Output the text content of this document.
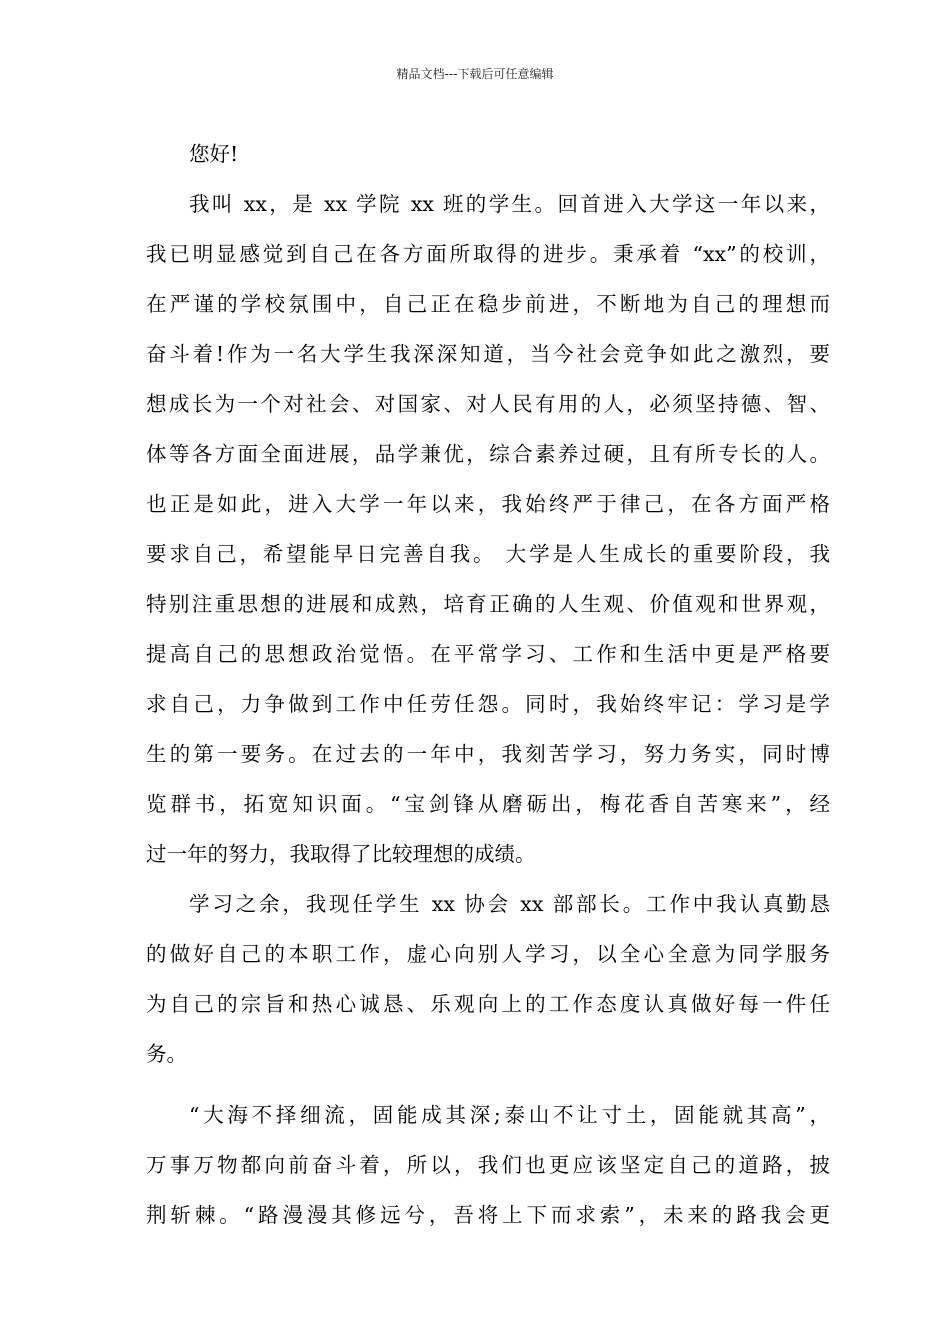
精品文档---下载后可任意编辑
您好!
我叫 xx，是 xx 学院 xx 班的学生。回首进入大学这一年以来，
我已明显感觉到自己在各方面所取得的进步。秉承着 “xx”的校训，
在严谨的学校氛围中，自己正在稳步前进，不断地为自己的理想而
奋斗着!作为一名大学生我深深知道，当今社会竞争如此之激烈，要
想成长为一个对社会、对国家、对人民有用的人，必须坚持德、智、
体等各方面全面进展，品学兼优，综合素养过硬，且有所专长的人。
也正是如此，进入大学一年以来，我始终严于律己，在各方面严格
要求自己，希望能早日完善自我。 大学是人生成长的重要阶段，我
特别注重思想的进展和成熟，培育正确的人生观、价值观和世界观，
提高自己的思想政治觉悟。在平常学习、工作和生活中更是严格要
求自己，力争做到工作中任劳任怨。同时，我始终牢记：学习是学
生的第一要务。在过去的一年中，我刻苦学习，努力务实，同时博
览群书，拓宽知识面。“宝剑锋从磨砺出，梅花香自苦寒来”，经
过一年的努力，我取得了比较理想的成绩。
学习之余，我现任学生 xx 协会 xx 部部长。工作中我认真勤恳
的做好自己的本职工作，虚心向别人学习，以全心全意为同学服务
为自己的宗旨和热心诚恳、乐观向上的工作态度认真做好每一件任
务。
“大海不择细流，固能成其深;泰山不让寸土，固能就其高”，
万事万物都向前奋斗着，所以，我们也更应该坚定自己的道路，披
荆斩棘。“路漫漫其修远兮，吾将上下而求索”，未来的路我会更
